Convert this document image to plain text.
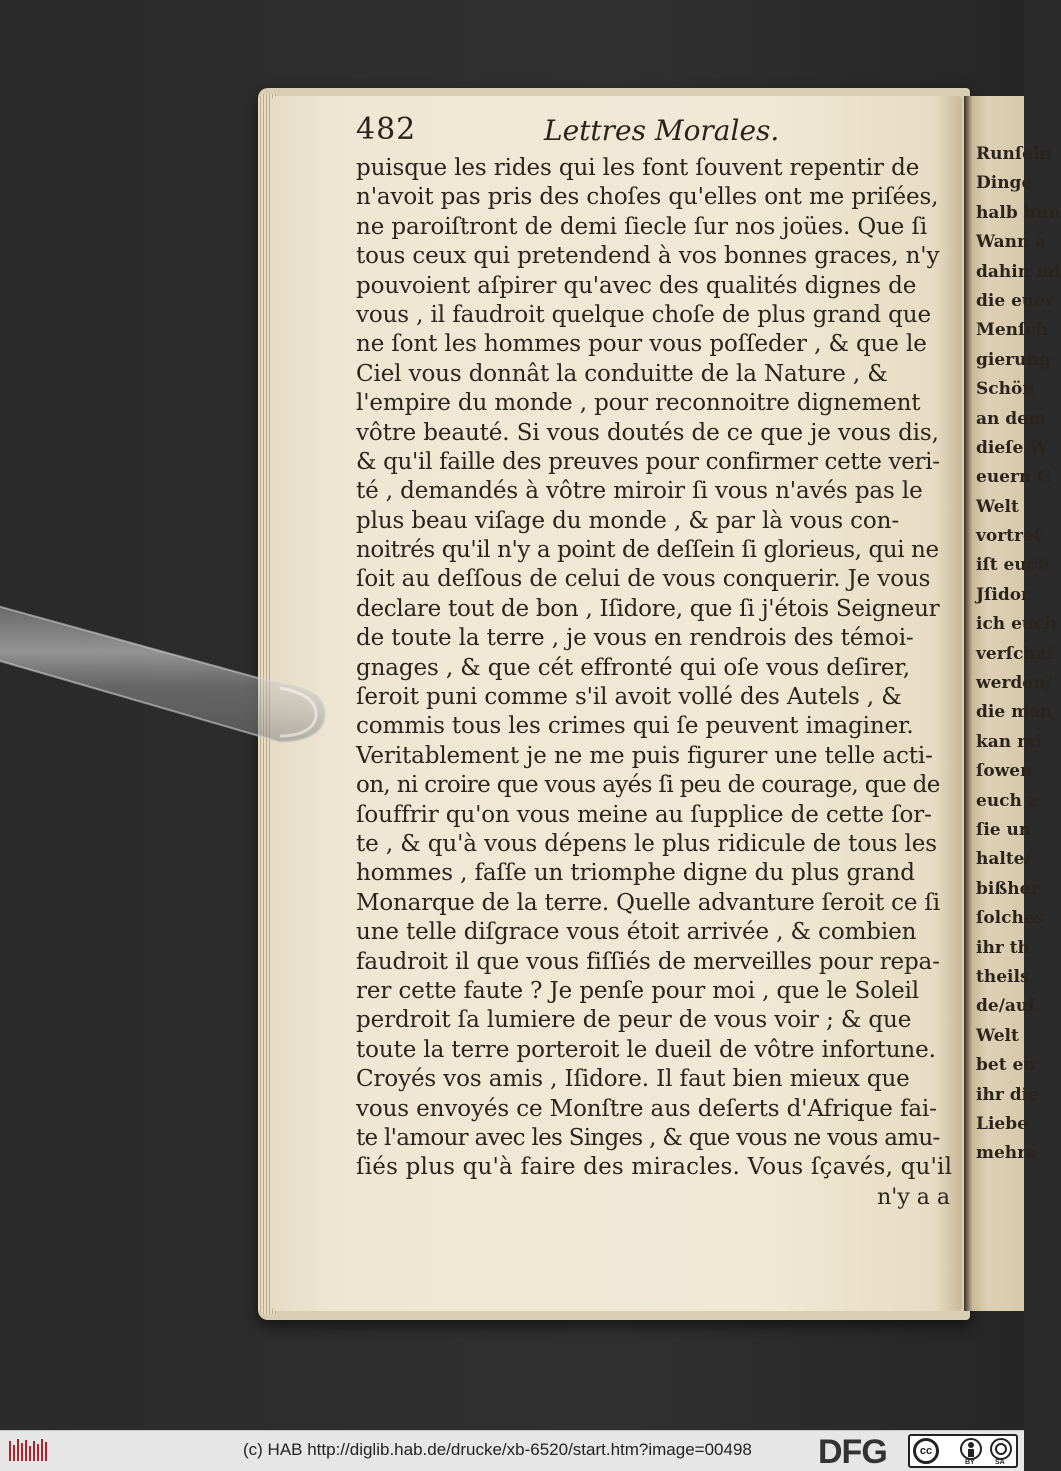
482	Lettres Morales.
puisque les rides qui les font ſouvent repentir de
n'avoit pas pris des choſes qu'elles ont me priſées,
ne paroiſtront de demi ſiecle ſur nos joües. Que ſi
tous ceux qui pretendend à vos bonnes graces, n'y
pouvoient aſpirer qu'avec des qualités dignes de
vous , il faudroit quelque choſe de plus grand que
ne ſont les hommes pour vous poſſeder , & que le
Ciel vous donnât la conduitte de la Nature , &
l'empire du monde , pour reconnoitre dignement
vôtre beauté. Si vous doutés de ce que je vous dis,
& qu'il faille des preuves pour confirmer cette veri-
té , demandés à vôtre miroir ſi vous n'avés pas le
plus beau viſage du monde , & par là vous con-
noitrés qu'il n'y a point de deſſein ſi glorieus, qui ne
ſoit au deſſous de celui de vous conquerir. Je vous
declare tout de bon , Iſidore, que ſi j'étois Seigneur
de toute la terre , je vous en rendrois des témoi-
gnages , & que cét effronté qui oſe vous deſirer,
ſeroit puni comme s'il avoit vollé des Autels , &
commis tous les crimes qui ſe peuvent imaginer.
Veritablement je ne me puis figurer une telle acti-
on, ni croire que vous ayés ſi peu de courage, que de
ſouffrir qu'on vous meine au ſupplice de cette ſor-
te , & qu'à vous dépens le plus ridicule de tous les
hommes , faſſe un triomphe digne du plus grand
Monarque de la terre. Quelle advanture ſeroit ce ſi
une telle diſgrace vous étoit arrivée , & combien
faudroit il que vous fiſſiés de merveilles pour repa-
rer cette faute ? Je penſe pour moi , que le Soleil
perdroit ſa lumiere de peur de vous voir ; & que
toute la terre porteroit le dueil de vôtre infortune.
Croyés vos amis , Iſidore. Il faut bien mieux que
vous envoyés ce Monſtre aus deſerts d'Afrique fai-
te l'amour avec les Singes , & que vous ne vous amu-
ſiés plus qu'à faire des miracles. Vous ſçavés, qu'il
n'y a a
Runſeln
Dinge
halb hun
Wann a
dahin mi
die euer
Menſch
gierung
Schön
an dem
dieſe W
euern G
Welt
vortref
iſt euch
Jſidor
ich euch
verſchaf
werden/
die man
kan mi
ſowen
euch z
ſie un
halte/
bißher
ſolches
ihr th
theils
de/auf
Welt
bet eu
ihr die
Liebe
mehra
(c) HAB http://diglib.hab.de/drucke/xb-6520/start.htm?image=00498 DFG	cc
BY	SA
